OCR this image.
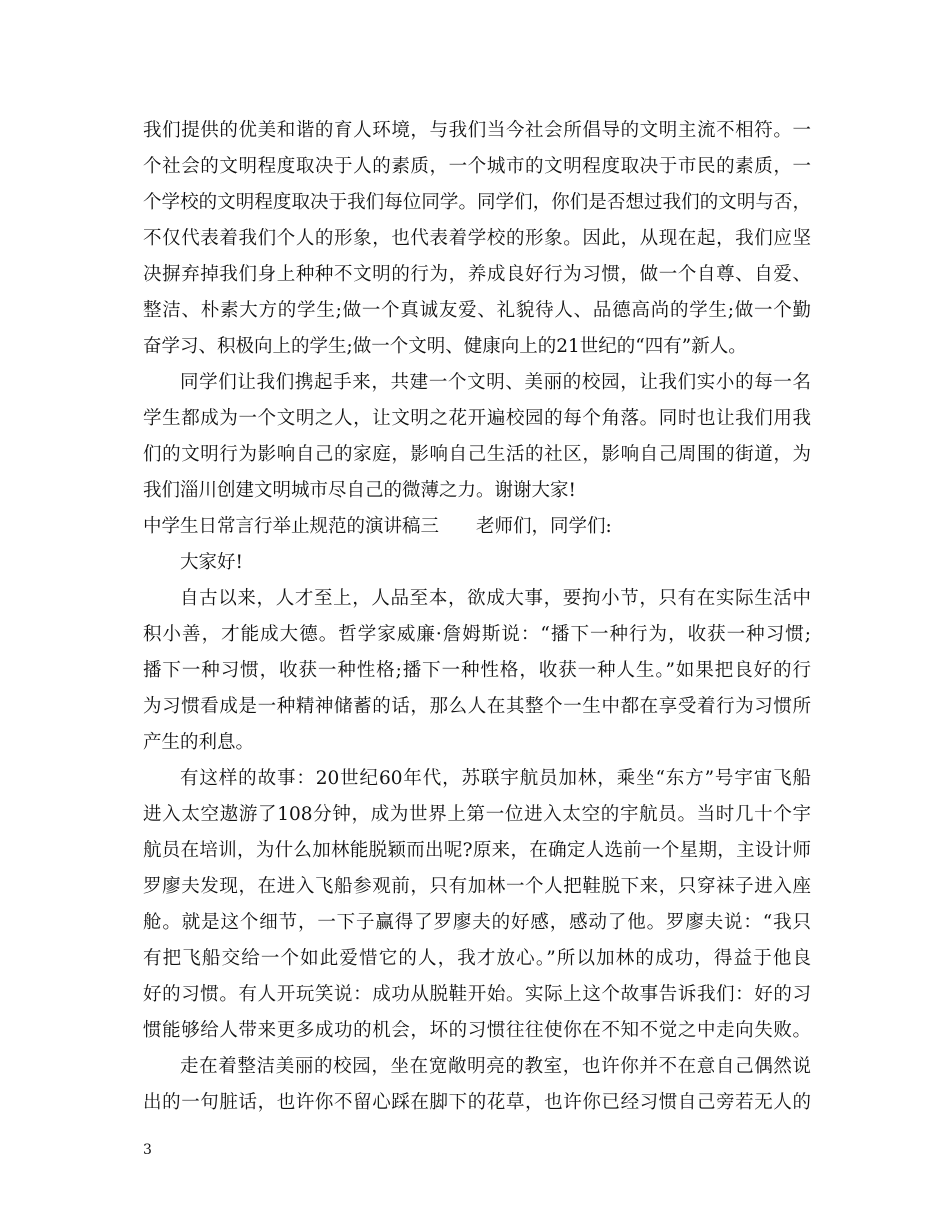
我们提供的优美和谐的育人环境，与我们当今社会所倡导的文明主流不相符。一
个社会的文明程度取决于人的素质，一个城市的文明程度取决于市民的素质，一
个学校的文明程度取决于我们每位同学。同学们，你们是否想过我们的文明与否，
不仅代表着我们个人的形象，也代表着学校的形象。因此，从现在起，我们应坚
决摒弃掉我们身上种种不文明的行为，养成良好行为习惯，做一个自尊、自爱、
整洁、朴素大方的学生;做一个真诚友爱、礼貌待人、品德高尚的学生;做一个勤
奋学习、积极向上的学生;做一个文明、健康向上的21世纪的“四有”新人。
同学们让我们携起手来，共建一个文明、美丽的校园，让我们实小的每一名
学生都成为一个文明之人，让文明之花开遍校园的每个角落。同时也让我们用我
们的文明行为影响自己的家庭，影响自己生活的社区，影响自己周围的街道，为
我们淄川创建文明城市尽自己的微薄之力。谢谢大家!
中学生日常言行举止规范的演讲稿三　　老师们，同学们:
大家好!
自古以来，人才至上，人品至本，欲成大事，要拘小节，只有在实际生活中
积小善，才能成大德。哲学家威廉·詹姆斯说：“播下一种行为，收获一种习惯;
播下一种习惯，收获一种性格;播下一种性格，收获一种人生。”如果把良好的行
为习惯看成是一种精神储蓄的话，那么人在其整个一生中都在享受着行为习惯所
产生的利息。
有这样的故事：20世纪60年代，苏联宇航员加林，乘坐“东方”号宇宙飞船
进入太空遨游了108分钟，成为世界上第一位进入太空的宇航员。当时几十个宇
航员在培训，为什么加林能脱颖而出呢?原来，在确定人选前一个星期，主设计师
罗廖夫发现，在进入飞船参观前，只有加林一个人把鞋脱下来，只穿袜子进入座
舱。就是这个细节，一下子赢得了罗廖夫的好感，感动了他。罗廖夫说：“我只
有把飞船交给一个如此爱惜它的人，我才放心。”所以加林的成功，得益于他良
好的习惯。有人开玩笑说：成功从脱鞋开始。实际上这个故事告诉我们：好的习
惯能够给人带来更多成功的机会，坏的习惯往往使你在不知不觉之中走向失败。
走在着整洁美丽的校园，坐在宽敞明亮的教室，也许你并不在意自己偶然说
出的一句脏话，也许你不留心踩在脚下的花草，也许你已经习惯自己旁若无人的
3
